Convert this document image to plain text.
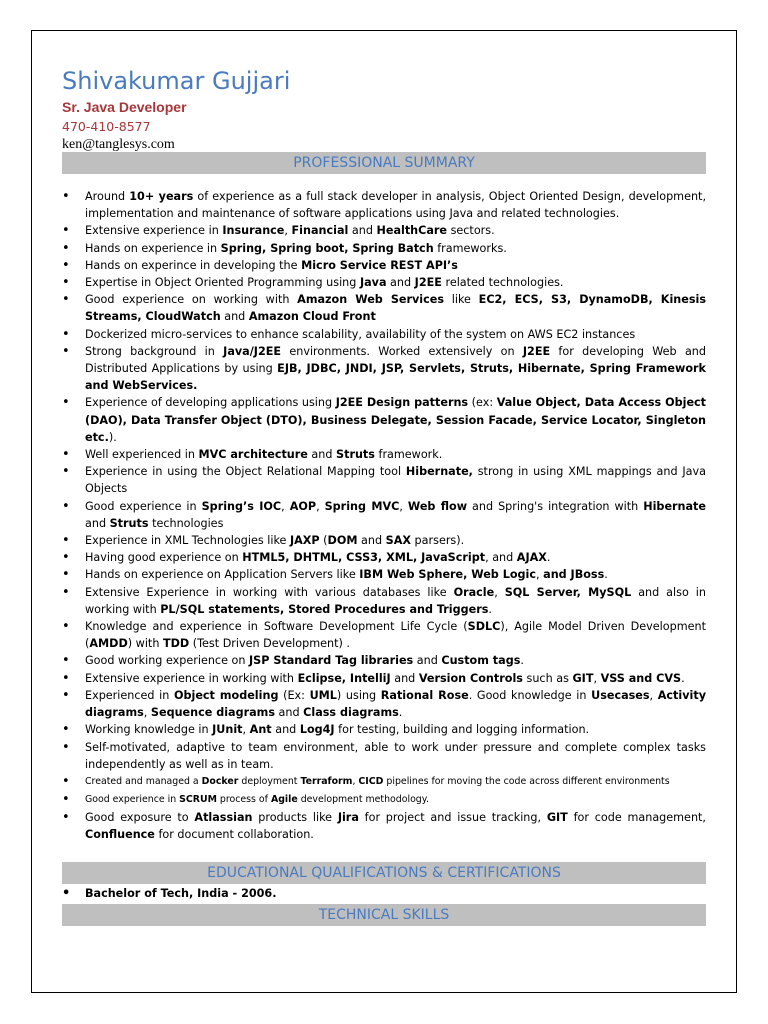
Shivakumar Gujjari
Sr. Java Developer
470-410-8577
ken@tanglesys.com
PROFESSIONAL SUMMARY
• Around 10+ years of experience as a full stack developer in analysis, Object Oriented Design, development, implementation and maintenance of software applications using Java and related technologies.
• Extensive experience in Insurance, Financial and HealthCare sectors.
• Hands on experience in Spring, Spring boot, Spring Batch frameworks.
• Hands on experince in developing the Micro Service REST API’s
• Expertise in Object Oriented Programming using Java and J2EE related technologies.
• Good experience on working with Amazon Web Services like EC2, ECS, S3, DynamoDB, Kinesis Streams, CloudWatch and Amazon Cloud Front
• Dockerized micro-services to enhance scalability, availability of the system on AWS EC2 instances
• Strong background in Java/J2EE environments. Worked extensively on J2EE for developing Web and Distributed Applications by using EJB, JDBC, JNDI, JSP, Servlets, Struts, Hibernate, Spring Framework and WebServices.
• Experience of developing applications using J2EE Design patterns (ex: Value Object, Data Access Object (DAO), Data Transfer Object (DTO), Business Delegate, Session Facade, Service Locator, Singleton etc.).
• Well experienced in MVC architecture and Struts framework.
• Experience in using the Object Relational Mapping tool Hibernate, strong in using XML mappings and Java Objects
• Good experience in Spring’s IOC, AOP, Spring MVC, Web flow and Spring's integration with Hibernate and Struts technologies
• Experience in XML Technologies like JAXP (DOM and SAX parsers).
• Having good experience on HTML5, DHTML, CSS3, XML, JavaScript, and AJAX.
• Hands on experience on Application Servers like IBM Web Sphere, Web Logic, and JBoss.
• Extensive Experience in working with various databases like Oracle, SQL Server, MySQL and also in working with PL/SQL statements, Stored Procedures and Triggers.
• Knowledge and experience in Software Development Life Cycle (SDLC), Agile Model Driven Development (AMDD) with TDD (Test Driven Development) .
• Good working experience on JSP Standard Tag libraries and Custom tags.
• Extensive experience in working with Eclipse, IntelliJ and Version Controls such as GIT, VSS and CVS.
• Experienced in Object modeling (Ex: UML) using Rational Rose. Good knowledge in Usecases, Activity diagrams, Sequence diagrams and Class diagrams.
• Working knowledge in JUnit, Ant and Log4J for testing, building and logging information.
• Self-motivated, adaptive to team environment, able to work under pressure and complete complex tasks independently as well as in team.
• Created and managed a Docker deployment Terraform, CICD pipelines for moving the code across different environments
• Good experience in SCRUM process of Agile development methodology.
• Good exposure to Atlassian products like Jira for project and issue tracking, GIT for code management, Confluence for document collaboration.
EDUCATIONAL QUALIFICATIONS & CERTIFICATIONS
• Bachelor of Tech, India - 2006.
TECHNICAL SKILLS
